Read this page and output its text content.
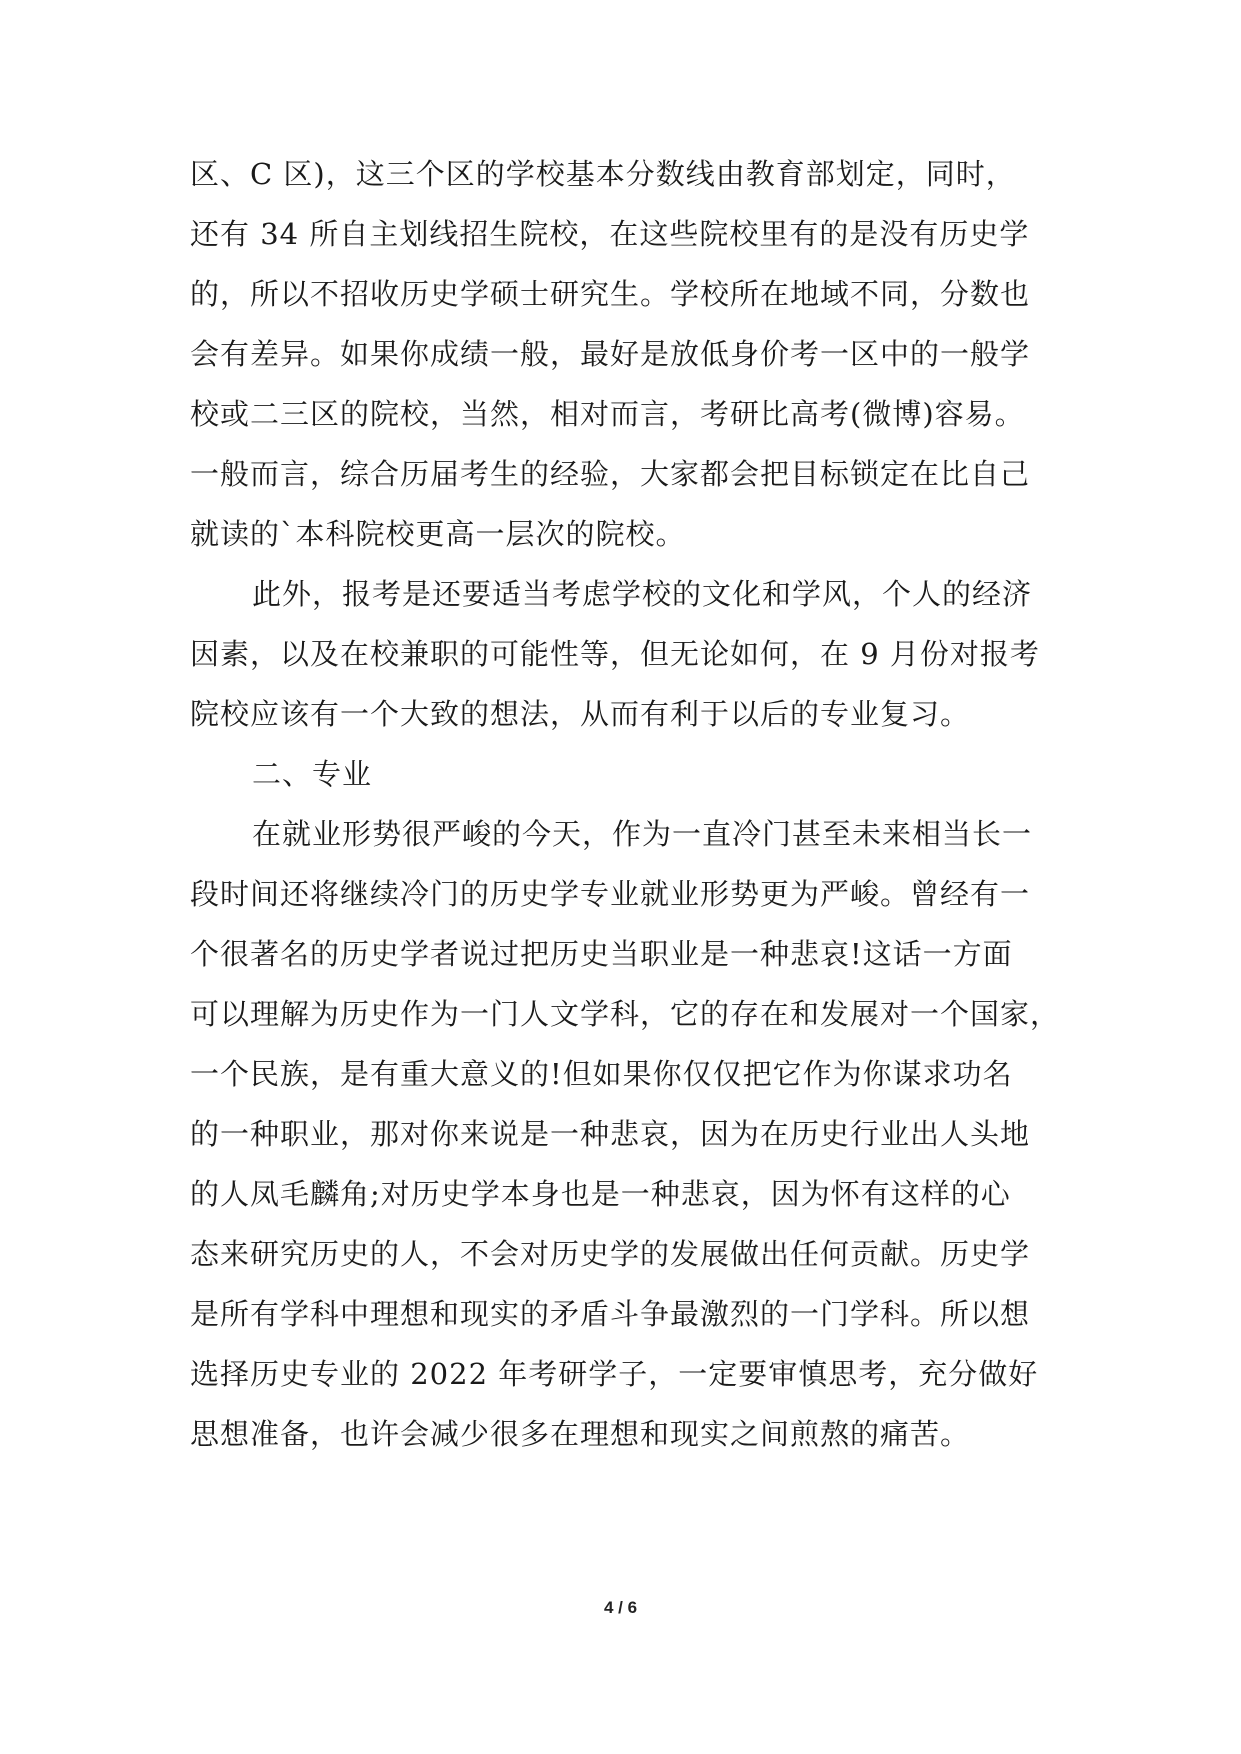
区、C 区)，这三个区的学校基本分数线由教育部划定，同时，
还有 34 所自主划线招生院校，在这些院校里有的是没有历史学
的，所以不招收历史学硕士研究生。学校所在地域不同，分数也
会有差异。如果你成绩一般，最好是放低身价考一区中的一般学
校或二三区的院校，当然，相对而言，考研比高考(微博)容易。
一般而言，综合历届考生的经验，大家都会把目标锁定在比自己
就读的`本科院校更高一层次的院校。
此外，报考是还要适当考虑学校的文化和学风，个人的经济
因素，以及在校兼职的可能性等，但无论如何，在 9 月份对报考
院校应该有一个大致的想法，从而有利于以后的专业复习。
二、专业
在就业形势很严峻的今天，作为一直冷门甚至未来相当长一
段时间还将继续冷门的历史学专业就业形势更为严峻。曾经有一
个很著名的历史学者说过把历史当职业是一种悲哀!这话一方面
可以理解为历史作为一门人文学科，它的存在和发展对一个国家，
一个民族，是有重大意义的!但如果你仅仅把它作为你谋求功名
的一种职业，那对你来说是一种悲哀，因为在历史行业出人头地
的人凤毛麟角;对历史学本身也是一种悲哀，因为怀有这样的心
态来研究历史的人，不会对历史学的发展做出任何贡献。历史学
是所有学科中理想和现实的矛盾斗争最激烈的一门学科。所以想
选择历史专业的 2022 年考研学子，一定要审慎思考，充分做好
思想准备，也许会减少很多在理想和现实之间煎熬的痛苦。
4 / 6
